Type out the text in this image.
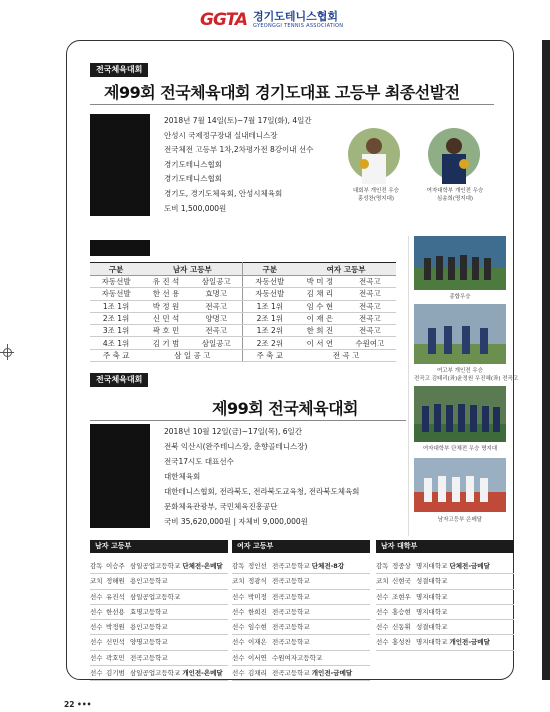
GGTA 경기도테니스협회
GYEONGGI TENNIS ASSOCIATION
전국체육대회
제99회 전국체육대회 경기도대표 고등부 최종선발전
2018년 7월 14일(토)~7월 17일(화), 4일간
안성시 국제정구장내 실내테니스장
전국체전 고등부 1차,2차평가전 8강이내 선수
경기도테니스협회
경기도테니스협회
경기도, 경기도체육회, 안성시체육회
도비 1,500,000원
대회부 개인전 우승
홍성찬(명지대)
여자대학부 개인전 우승
심송희(명지대)
구분	남자 고등부		구분	여자 고등부	
자동선발	유 진 석	삼일공고	자동선발	박 미 정	전곡고
자동선발	한 선 용	효명고	자동선발	김 채 리	전곡고
1조 1위	박 정 원	전곡고	1조 1위	임 수 현	전곡고
2조 1위	신 민 석	양명고	2조 1위	이 재 은	전곡고
3조 1위	곽 호 민	전곡고	1조 2위	한 희 진	전곡고
4조 1위	김 기 범	삼일공고	2조 2위	이 서 연	수원여고
주 축 교	삼 일 공 고		주 축 교	전 곡 고	
종합우승
여고부 개인전 우승
전곡고 김태리(좌)윤정원 우진혜(좌) 전곡고
여자대학부 단체전 우승 명지대
남자고등부 은메달
전국체육대회
제99회 전국체육대회
2018년 10월 12일(금)~17일(목), 6일간
전북 익산시(완주테니스장, 춘향골테니스장)
전국17시도 대표선수
대한체육회
대한테니스협회, 전라북도, 전라북도교육청, 전라북도체육회
문화체육관광부, 국민체육진흥공단
국비 35,620,000원 | 자체비 9,000,000원
남자 고등부
감독 이승주 삼일공업고등학교 단체전-은메달
코치 정해원 용인고등학교
선수 유진석 삼일공업고등학교
선수 한선용 효명고등학교
선수 박정원 용인고등학교
선수 신민석 양명고등학교
선수 곽호민 전곡고등학교
선수 김기범 삼일공업고등학교 개인전-은메달
여자 고등부
감독 정인선 전곡고등학교 단체전-8강
코치 정광식 전곡고등학교
선수 박미정 전곡고등학교
선수 한희진 전곡고등학교
선수 임수현 전곡고등학교
선수 이재은 전곡고등학교
선수 이서연 수원여자고등학교
선수 김채리 전곡고등학교 개인전-금메달
남자 대학부
감독 정중상 명지대학교 단체전-금메달
코치 신현국 성결대학교
선수 조현우 명지대학교
선수 홍승현 명지대학교
선수 신동휘 성결대학교
선수 홍성찬 명지대학교 개인전-금메달
22 •••
